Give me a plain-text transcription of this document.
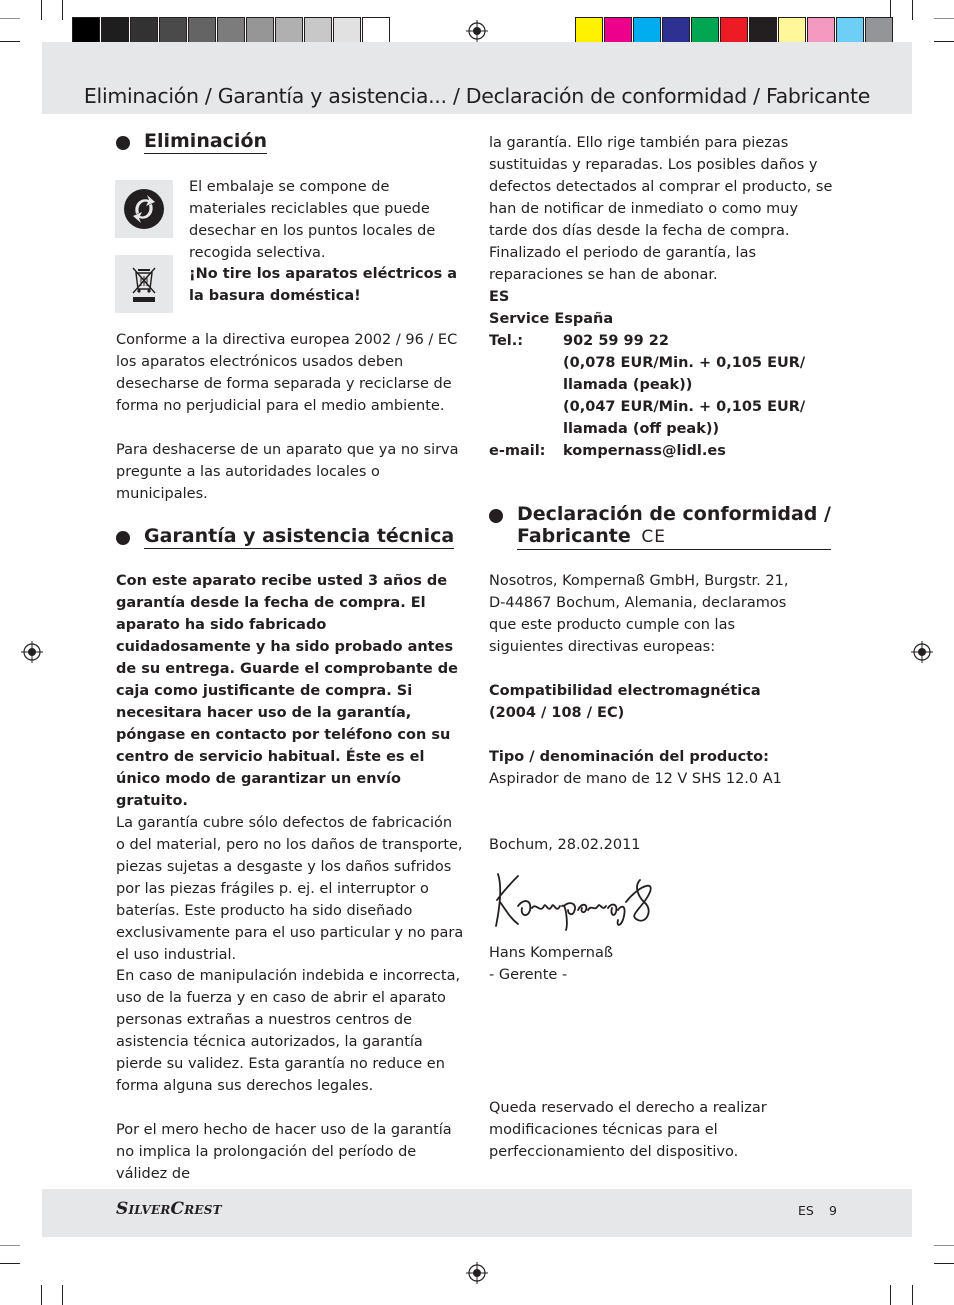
Eliminación / Garantía y asistencia... / Declaración de conformidad / Fabricante
Eliminación
El embalaje se compone de materiales reciclables que puede desechar en los puntos locales de recogida selectiva.
¡No tire los aparatos eléctricos a la basura doméstica!
Conforme a la directiva europea 2002 / 96 / EC los aparatos electrónicos usados deben desecharse de forma separada y reciclarse de forma no perjudicial para el medio ambiente.
Para deshacerse de un aparato que ya no sirva pregunte a las autoridades locales o municipales.
Garantía y asistencia técnica
Con este aparato recibe usted 3 años de garantía desde la fecha de compra. El aparato ha sido fabricado cuidadosamente y ha sido probado antes de su entrega. Guarde el comprobante de caja como justificante de compra. Si necesitara hacer uso de la garantía, póngase en contacto por teléfono con su centro de servicio habitual. Éste es el único modo de garantizar un envío gratuito.
La garantía cubre sólo defectos de fabricación o del material, pero no los daños de transporte, piezas sujetas a desgaste y los daños sufridos por las piezas frágiles p. ej. el interruptor o baterías. Este producto ha sido diseñado exclusivamente para el uso particular y no para el uso industrial.
En caso de manipulación indebida e incorrecta, uso de la fuerza y en caso de abrir el aparato personas extrañas a nuestros centros de asistencia técnica autorizados, la garantía pierde su validez. Esta garantía no reduce en forma alguna sus derechos legales.
Por el mero hecho de hacer uso de la garantía no implica la prolongación del período de válidez de
la garantía. Ello rige también para piezas sustituidas y reparadas. Los posibles daños y defectos detectados al comprar el producto, se han de notificar de inmediato o como muy tarde dos días desde la fecha de compra. Finalizado el periodo de garantía, las reparaciones se han de abonar.
ES
Service España
Tel.:	902 59 99 22
(0,078 EUR/Min. + 0,105 EUR/ llamada (peak))
(0,047 EUR/Min. + 0,105 EUR/ llamada (off peak))
e-mail:	kompernass@lidl.es
Declaración de conformidad /
Fabricante CE
Nosotros, Kompernaß GmbH, Burgstr. 21, D-44867 Bochum, Alemania, declaramos que este producto cumple con las siguientes directivas europeas:
Compatibilidad electromagnética (2004 / 108 / EC)
Tipo / denominación del producto:
Aspirador de mano de 12 V SHS 12.0 A1
Bochum, 28.02.2011
Hans Kompernaß
- Gerente -
Queda reservado el derecho a realizar modificaciones técnicas para el perfeccionamiento del dispositivo.
SilverCrest	ES 9
